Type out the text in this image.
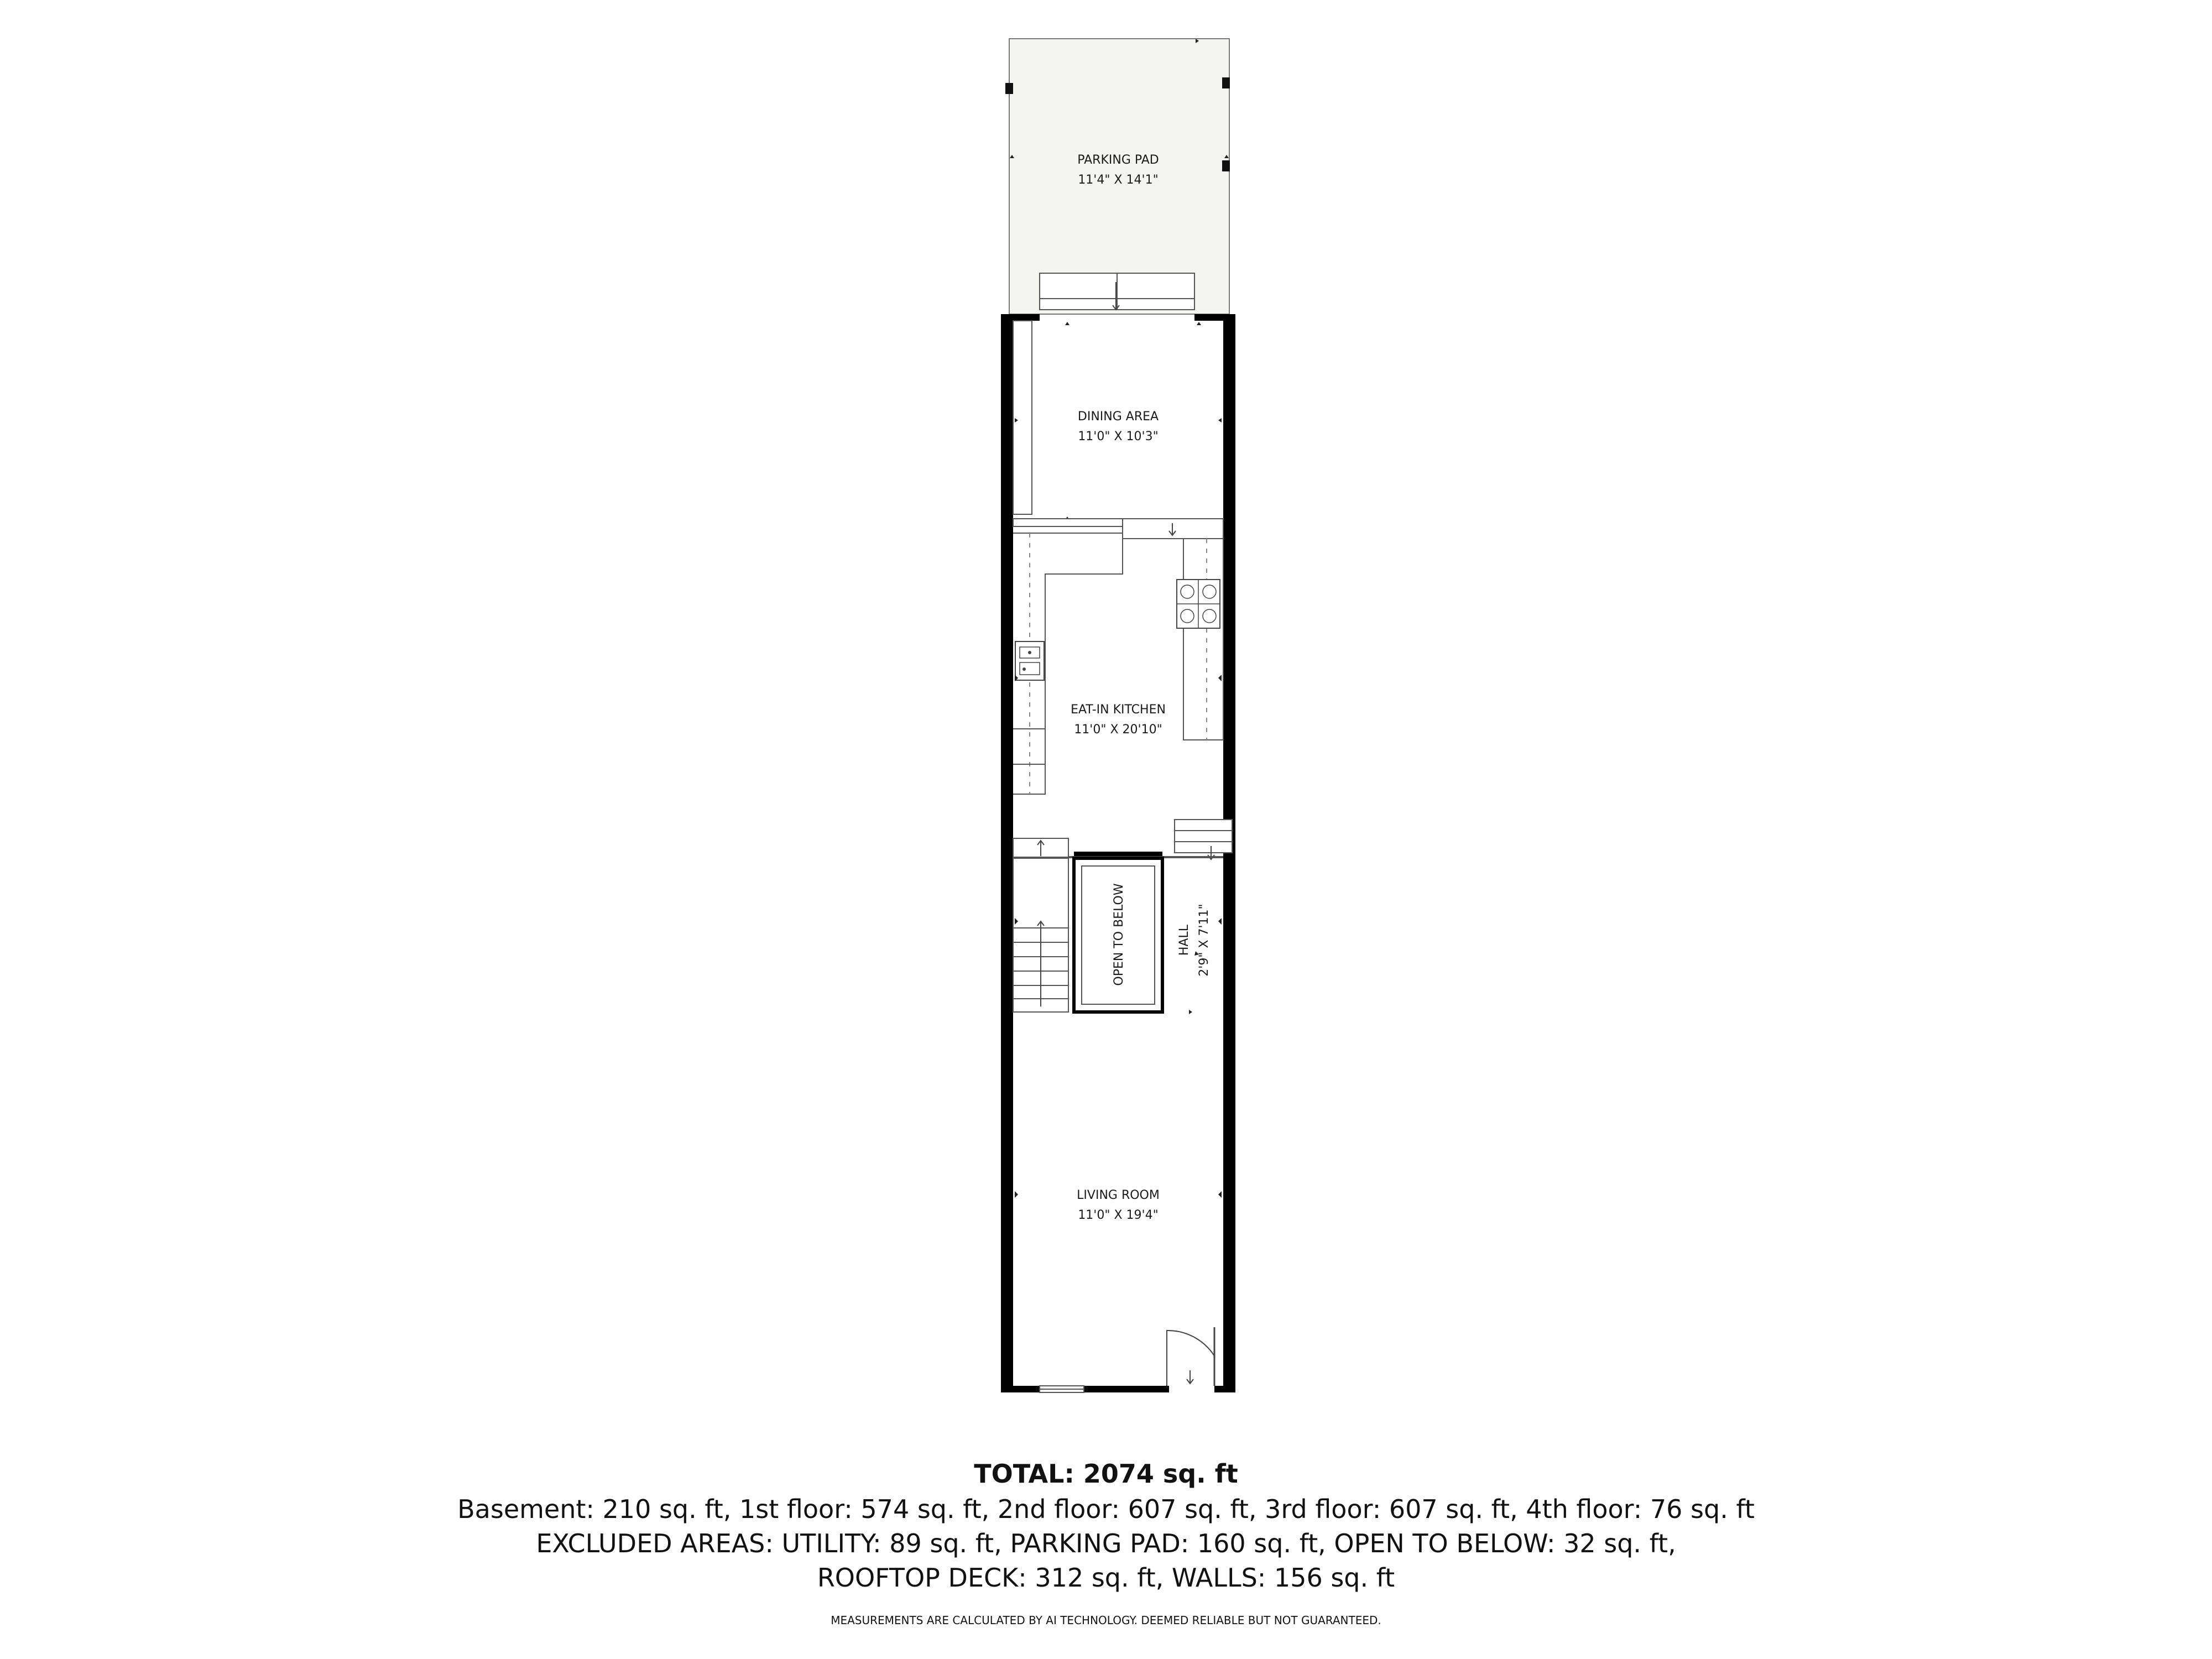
PARKING PAD
11'4" X 14'1"
DINING AREA
11'0" X 10'3"
EAT-IN KITCHEN
11'0" X 20'10"
OPEN TO BELOW	HALL 2'9" X 7'11"
LIVING ROOM
11'0" X 19'4"
TOTAL: 2074 sq. ft
Basement: 210 sq. ft, 1st floor: 574 sq. ft, 2nd floor: 607 sq. ft, 3rd floor: 607 sq. ft, 4th floor: 76 sq. ft
EXCLUDED AREAS: UTILITY: 89 sq. ft, PARKING PAD: 160 sq. ft, OPEN TO BELOW: 32 sq. ft,
ROOFTOP DECK: 312 sq. ft, WALLS: 156 sq. ft
MEASUREMENTS ARE CALCULATED BY AI TECHNOLOGY. DEEMED RELIABLE BUT NOT GUARANTEED.
